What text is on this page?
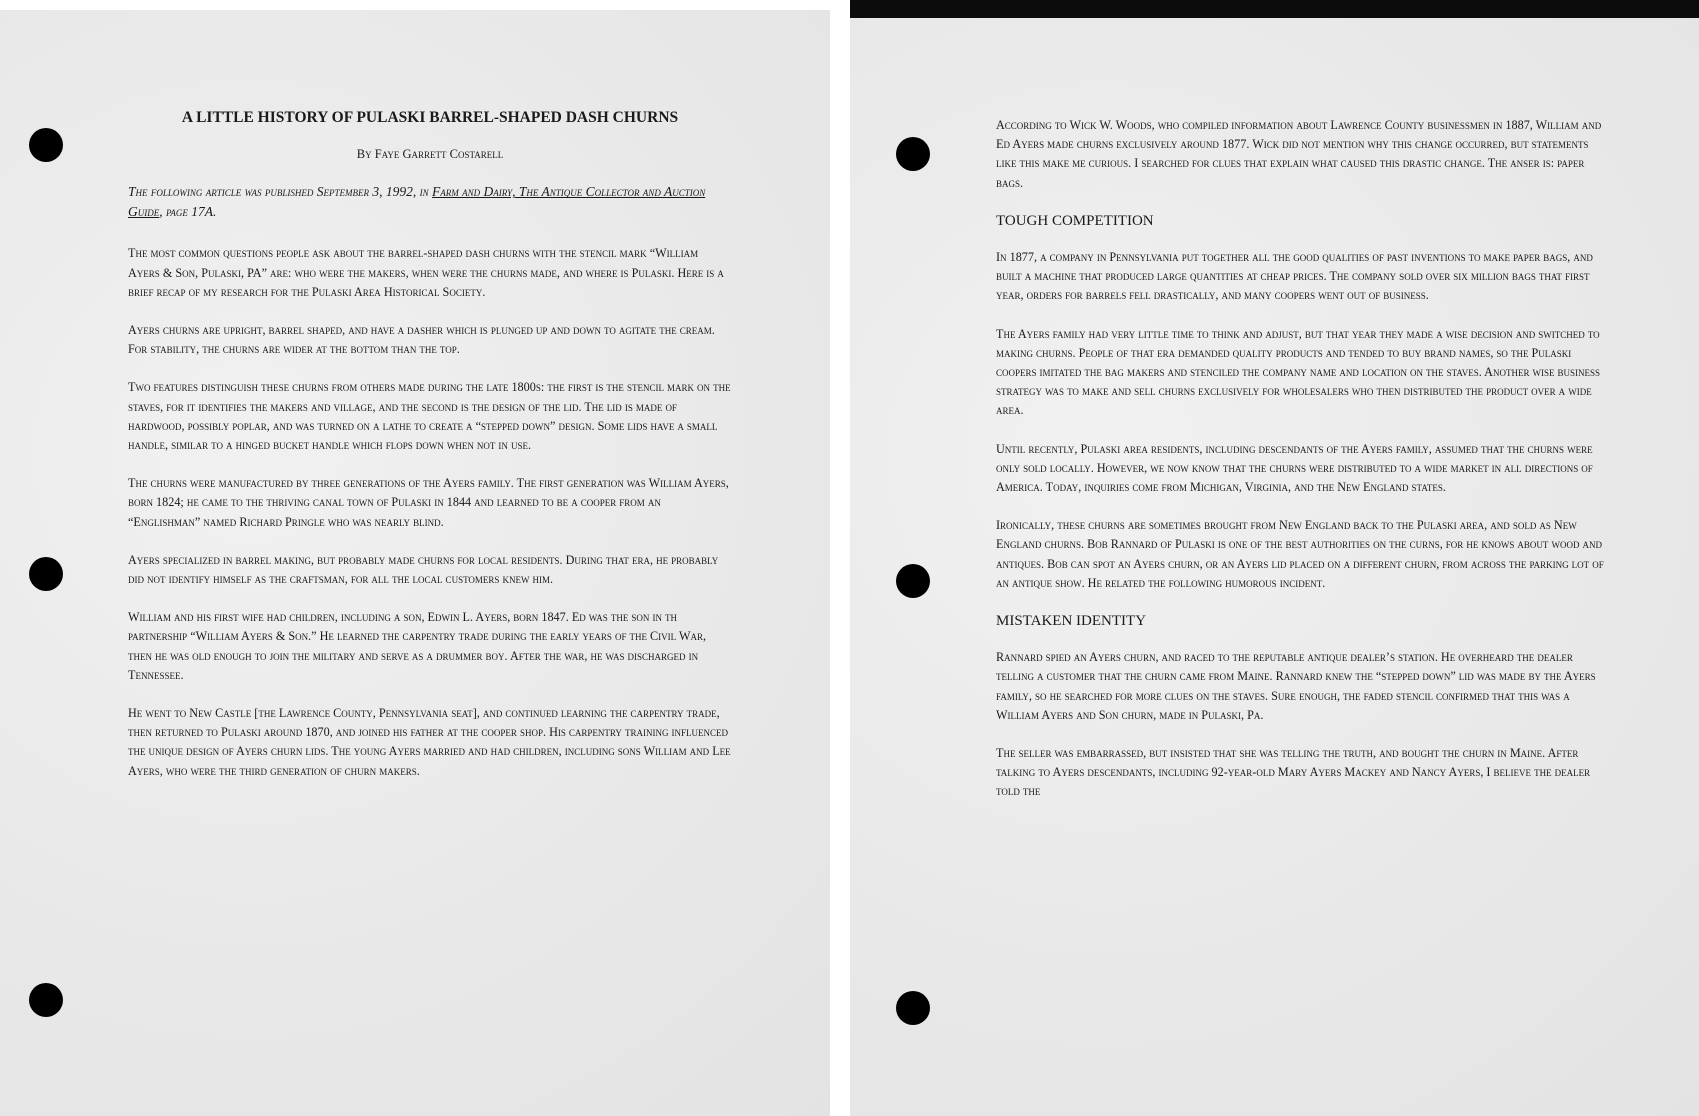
A LITTLE HISTORY OF PULASKI BARREL-SHAPED DASH CHURNS
By Faye Garrett Costarell

The following article was published September 3, 1992, in Farm and Dairy, The Antique Collector and Auction Guide, page 17A.

The most common questions people ask about the barrel-shaped dash churns with the stencil mark “William Ayers & Son, Pulaski, PA” are: who were the makers, when were the churns made, and where is Pulaski. Here is a brief recap of my research for the Pulaski Area Historical Society.

Ayers churns are upright, barrel shaped, and have a dasher which is plunged up and down to agitate the cream. For stability, the churns are wider at the bottom than the top.

Two features distinguish these churns from others made during the late 1800s: the first is the stencil mark on the staves, for it identifies the makers and village, and the second is the design of the lid. The lid is made of hardwood, possibly poplar, and was turned on a lathe to create a “stepped down” design. Some lids have a small handle, similar to a hinged bucket handle which flops down when not in use.

The churns were manufactured by three generations of the Ayers family. The first generation was William Ayers, born 1824; he came to the thriving canal town of Pulaski in 1844 and learned to be a cooper from an “Englishman” named Richard Pringle who was nearly blind.

Ayers specialized in barrel making, but probably made churns for local residents. During that era, he probably did not identify himself as the craftsman, for all the local customers knew him.

William and his first wife had children, including a son, Edwin L. Ayers, born 1847. Ed was the son in th partnership “William Ayers & Son.” He learned the carpentry trade during the early years of the Civil War, then he was old enough to join the military and serve as a drummer boy. After the war, he was discharged in Tennessee.

He went to New Castle [the Lawrence County, Pennsylvania seat], and continued learning the carpentry trade, then returned to Pulaski around 1870, and joined his father at the cooper shop. His carpentry training influenced the unique design of Ayers churn lids. The young Ayers married and had children, including sons William and Lee Ayers, who were the third generation of churn makers.

According to Wick W. Woods, who compiled information about Lawrence County businessmen in 1887, William and Ed Ayers made churns exclusively around 1877. Wick did not mention why this change occurred, but statements like this make me curious. I searched for clues that explain what caused this drastic change. The anser is: paper bags.

TOUGH COMPETITION

In 1877, a company in Pennsylvania put together all the good qualities of past inventions to make paper bags, and built a machine that produced large quantities at cheap prices. The company sold over six million bags that first year, orders for barrels fell drastically, and many coopers went out of business.

The Ayers family had very little time to think and adjust, but that year they made a wise decision and switched to making churns. People of that era demanded quality products and tended to buy brand names, so the Pulaski coopers imitated the bag makers and stenciled the company name and location on the staves. Another wise business strategy was to make and sell churns exclusively for wholesalers who then distributed the product over a wide area.

Until recently, Pulaski area residents, including descendants of the Ayers family, assumed that the churns were only sold locally. However, we now know that the churns were distributed to a wide market in all directions of America. Today, inquiries come from Michigan, Virginia, and the New England states.

Ironically, these churns are sometimes brought from New England back to the Pulaski area, and sold as New England churns. Bob Rannard of Pulaski is one of the best authorities on the curns, for he knows about wood and antiques. Bob can spot an Ayers churn, or an Ayers lid placed on a different churn, from across the parking lot of an antique show. He related the following humorous incident.

MISTAKEN IDENTITY

Rannard spied an Ayers churn, and raced to the reputable antique dealer’s station. He overheard the dealer telling a customer that the churn came from Maine. Rannard knew the “stepped down” lid was made by the Ayers family, so he searched for more clues on the staves. Sure enough, the faded stencil confirmed that this was a William Ayers and Son churn, made in Pulaski, Pa.

The seller was embarrassed, but insisted that she was telling the truth, and bought the churn in Maine. After talking to Ayers descendants, including 92-year-old Mary Ayers Mackey and Nancy Ayers, I believe the dealer told the
